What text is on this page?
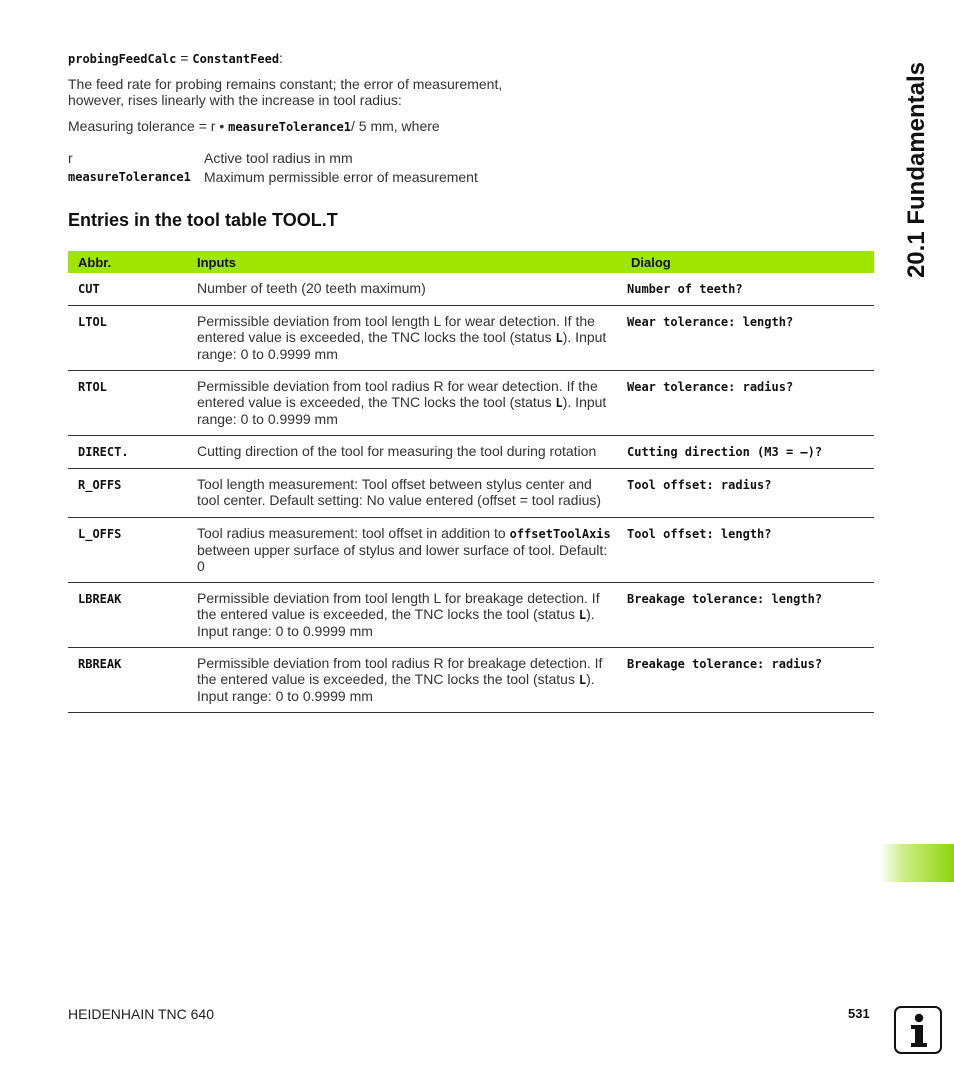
20.1 Fundamentals
probingFeedCalc = ConstantFeed:
The feed rate for probing remains constant; the error of measurement, however, rises linearly with the increase in tool radius:
Measuring tolerance = r • measureTolerance1/ 5 mm, where
r	Active tool radius in mm
measureTolerance1 Maximum permissible error of measurement
Entries in the tool table TOOL.T
Abbr.	Inputs	Dialog
CUT	Number of teeth (20 teeth maximum)	Number of teeth?
LTOL	Permissible deviation from tool length L for wear detection. If the entered value is exceeded, the TNC locks the tool (status L). Input range: 0 to 0.9999 mm	Wear tolerance: length?
RTOL	Permissible deviation from tool radius R for wear detection. If the entered value is exceeded, the TNC locks the tool (status L). Input range: 0 to 0.9999 mm	Wear tolerance: radius?
DIRECT.	Cutting direction of the tool for measuring the tool during rotation	Cutting direction (M3 = –)?
R_OFFS	Tool length measurement: Tool offset between stylus center and tool center. Default setting: No value entered (offset = tool radius)	Tool offset: radius?
L_OFFS	Tool radius measurement: tool offset in addition to offsetToolAxis between upper surface of stylus and lower surface of tool. Default: 0	Tool offset: length?
LBREAK	Permissible deviation from tool length L for breakage detection. If the entered value is exceeded, the TNC locks the tool (status L). Input range: 0 to 0.9999 mm	Breakage tolerance: length?
RBREAK	Permissible deviation from tool radius R for breakage detection. If the entered value is exceeded, the TNC locks the tool (status L). Input range: 0 to 0.9999 mm	Breakage tolerance: radius?
HEIDENHAIN TNC 640	531
